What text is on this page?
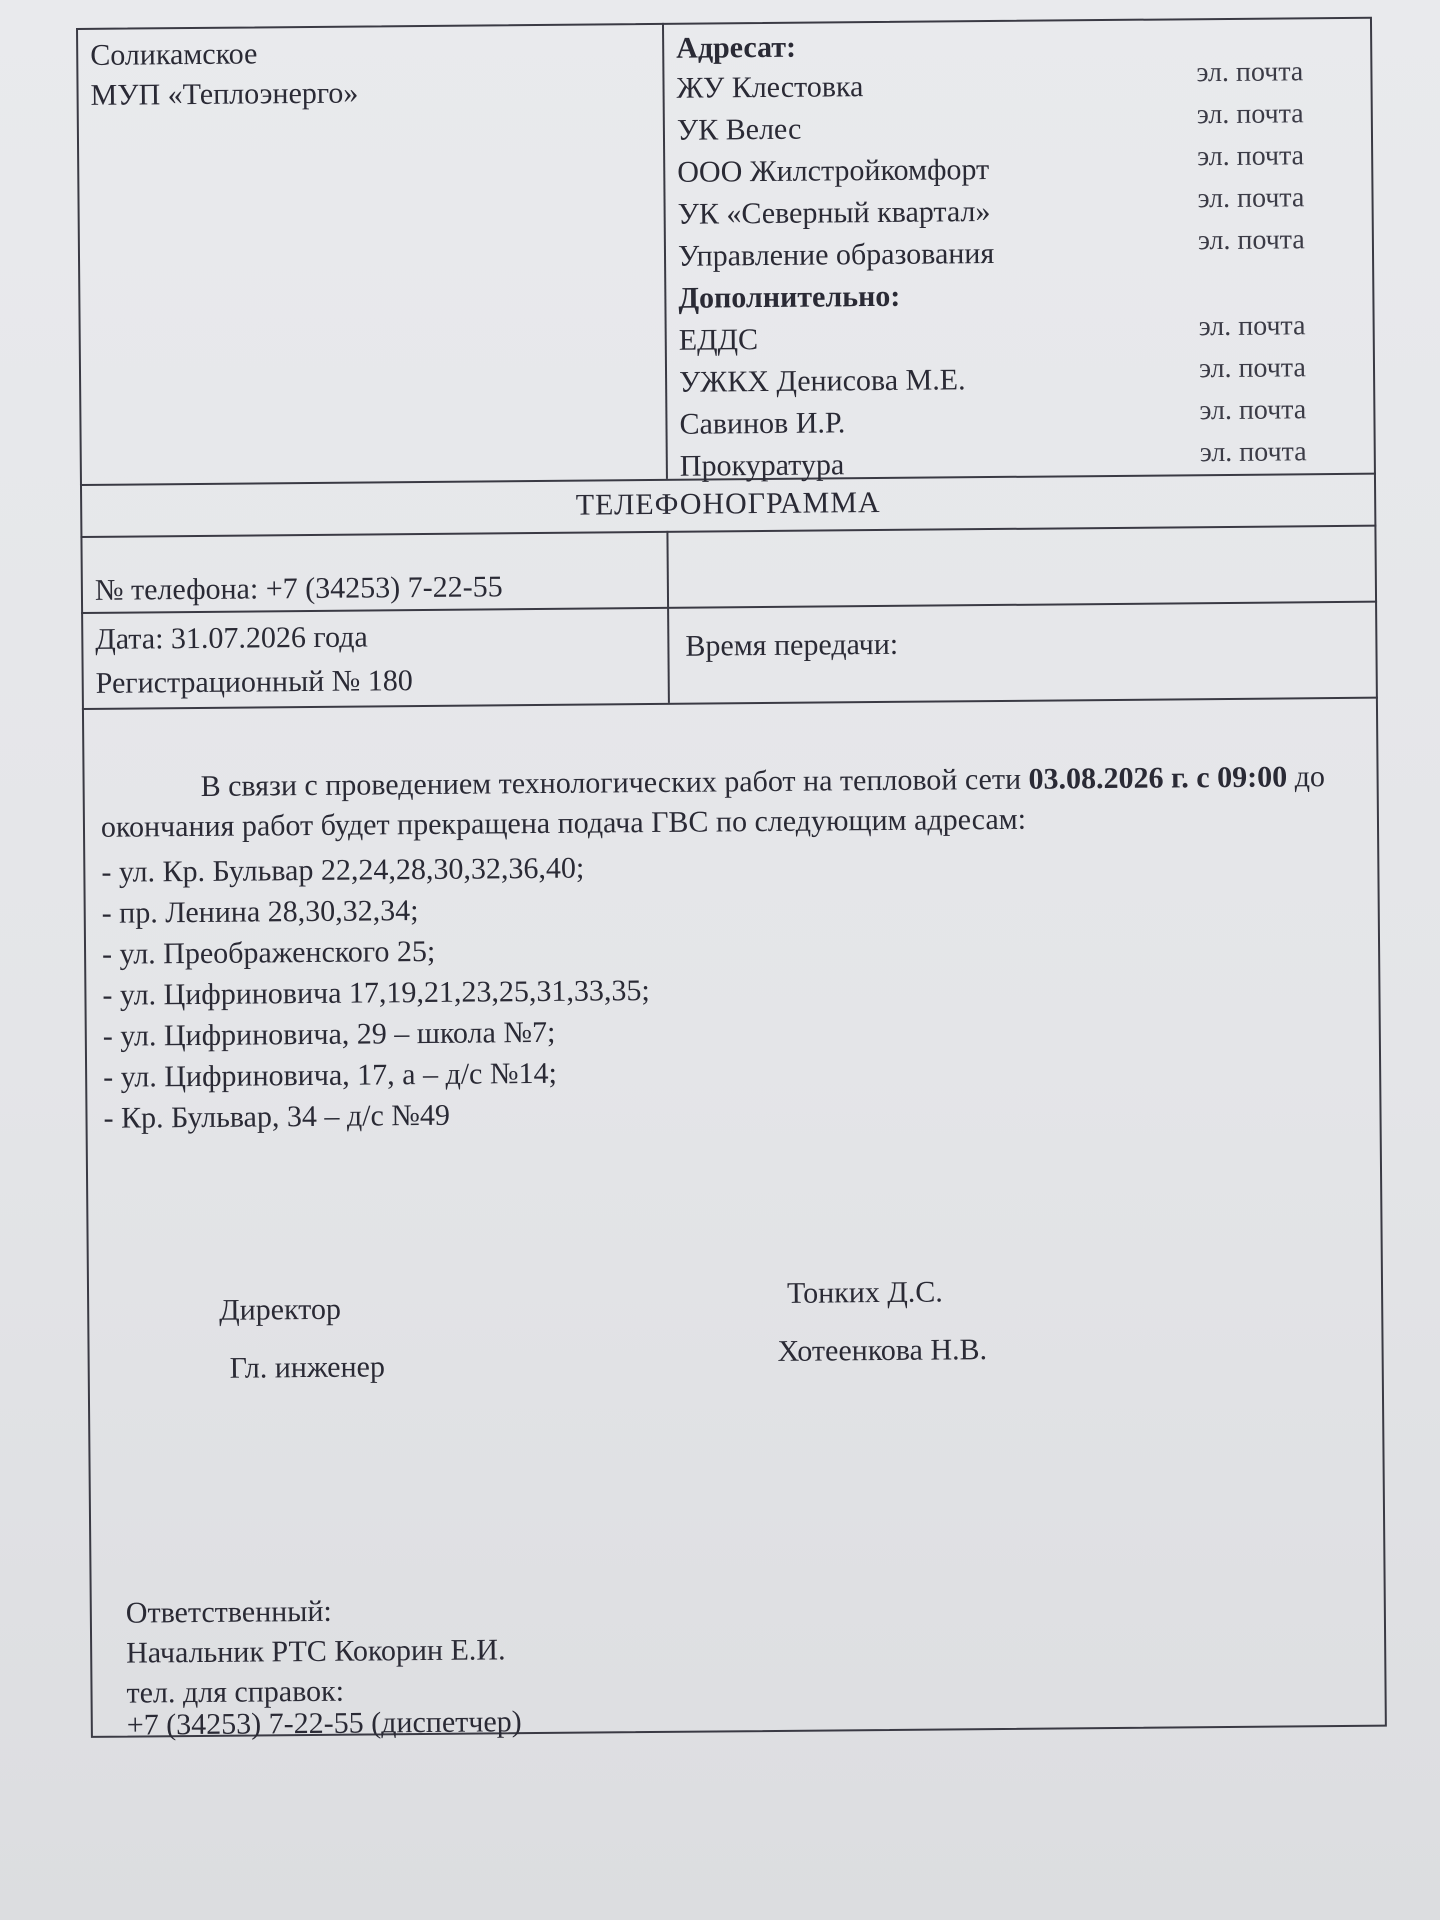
Соликамское
МУП «Теплоэнерго»
Адресат:
ЖУ Клестовка	эл. почта
УК Велес	эл. почта
ООО Жилстройкомфорт	эл. почта
УК «Северный квартал»	эл. почта
Управление образования	эл. почта
Дополнительно:
ЕДДС	эл. почта
УЖКХ Денисова М.Е.	эл. почта
Савинов И.Р.	эл. почта
Прокуратура	эл. почта
ТЕЛЕФОНОГРАММА
№ телефона: +7 (34253) 7-22-55
Дата: 31.07.2026 года
Регистрационный № 180
Время передачи:
В связи с проведением технологических работ на тепловой сети 03.08.2026 г. с 09:00 до окончания работ будет прекращена подача ГВС по следующим адресам:
- ул. Кр. Бульвар 22,24,28,30,32,36,40;
- пр. Ленина 28,30,32,34;
- ул. Преображенского 25;
- ул. Цифриновича 17,19,21,23,25,31,33,35;
- ул. Цифриновича, 29 – школа №7;
- ул. Цифриновича, 17, а – д/с №14;
- Кр. Бульвар, 34 – д/с №49
Директор	Тонких Д.С.
Гл. инженер	Хотеенкова Н.В.
Ответственный:
Начальник РТС Кокорин Е.И.
тел. для справок:
+7 (34253) 7-22-55 (диспетчер)
